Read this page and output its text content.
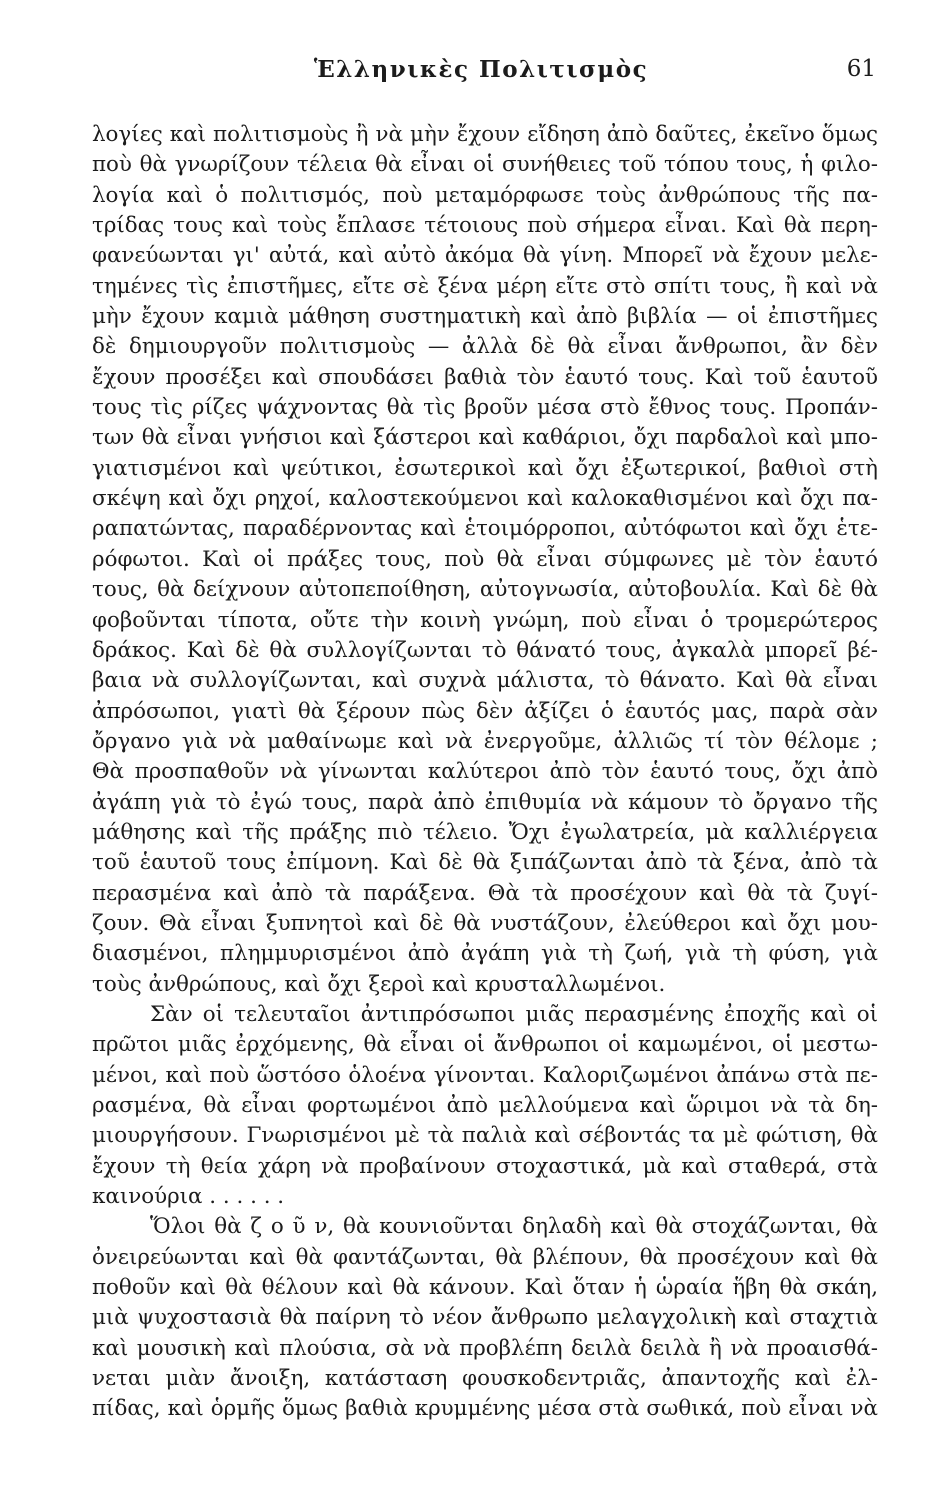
Ἑλληνικὲς Πολιτισμὸς	61
λογίες καὶ πολιτισμοὺς ἢ νὰ μὴν ἔχουν εἴδηση ἀπὸ δαῦτες, ἐκεῖνο ὅμως
ποὺ θὰ γνωρίζουν τέλεια θὰ εἶναι οἱ συνήθειες τοῦ τόπου τους, ἡ φιλο-
λογία καὶ ὁ πολιτισμός, ποὺ μεταμόρφωσε τοὺς ἀνθρώπους τῆς πα-
τρίδας τους καὶ τοὺς ἔπλασε τέτοιους ποὺ σήμερα εἶναι. Καὶ θὰ περη-
φανεύωνται γι' αὐτά, καὶ αὐτὸ ἀκόμα θὰ γίνη. Μπορεῖ νὰ ἔχουν μελε-
τημένες τὶς ἐπιστῆμες, εἴτε σὲ ξένα μέρη εἴτε στὸ σπίτι τους, ἢ καὶ νὰ
μὴν ἔχουν καμιὰ μάθηση συστηματικὴ καὶ ἀπὸ βιβλία — οἱ ἐπιστῆμες
δὲ δημιουργοῦν πολιτισμοὺς — ἀλλὰ δὲ θὰ εἶναι ἄνθρωποι, ἂν δὲν
ἔχουν προσέξει καὶ σπουδάσει βαθιὰ τὸν ἑαυτό τους. Καὶ τοῦ ἑαυτοῦ
τους τὶς ρίζες ψάχνοντας θὰ τὶς βροῦν μέσα στὸ ἔθνος τους. Προπάν-
των θὰ εἶναι γνήσιοι καὶ ξάστεροι καὶ καθάριοι, ὄχι παρδαλοὶ καὶ μπο-
γιατισμένοι καὶ ψεύτικοι, ἐσωτερικοὶ καὶ ὄχι ἐξωτερικοί, βαθιοὶ στὴ
σκέψη καὶ ὄχι ρηχοί, καλοστεκούμενοι καὶ καλοκαθισμένοι καὶ ὄχι πα-
ραπατώντας, παραδέρνοντας καὶ ἑτοιμόρροποι, αὐτόφωτοι καὶ ὄχι ἑτε-
ρόφωτοι. Καὶ οἱ πράξες τους, ποὺ θὰ εἶναι σύμφωνες μὲ τὸν ἑαυτό
τους, θὰ δείχνουν αὐτοπεποίθηση, αὐτογνωσία, αὐτοβουλία. Καὶ δὲ θὰ
φοβοῦνται τίποτα, οὔτε τὴν κοινὴ γνώμη, ποὺ εἶναι ὁ τρομερώτερος
δράκος. Καὶ δὲ θὰ συλλογίζωνται τὸ θάνατό τους, ἀγκαλὰ μπορεῖ βέ-
βαια νὰ συλλογίζωνται, καὶ συχνὰ μάλιστα, τὸ θάνατο. Καὶ θὰ εἶναι
ἀπρόσωποι, γιατὶ θὰ ξέρουν πὼς δὲν ἀξίζει ὁ ἑαυτός μας, παρὰ σὰν
ὄργανο γιὰ νὰ μαθαίνωμε καὶ νὰ ἐνεργοῦμε, ἀλλιῶς τί τὸν θέλομε ;
Θὰ προσπαθοῦν νὰ γίνωνται καλύτεροι ἀπὸ τὸν ἑαυτό τους, ὄχι ἀπὸ
ἀγάπη γιὰ τὸ ἐγώ τους, παρὰ ἀπὸ ἐπιθυμία νὰ κάμουν τὸ ὄργανο τῆς
μάθησης καὶ τῆς πράξης πιὸ τέλειο. Ὄχι ἐγωλατρεία, μὰ καλλιέργεια
τοῦ ἑαυτοῦ τους ἐπίμονη. Καὶ δὲ θὰ ξιπάζωνται ἀπὸ τὰ ξένα, ἀπὸ τὰ
περασμένα καὶ ἀπὸ τὰ παράξενα. Θὰ τὰ προσέχουν καὶ θὰ τὰ ζυγί-
ζουν. Θὰ εἶναι ξυπνητοὶ καὶ δὲ θὰ νυστάζουν, ἐλεύθεροι καὶ ὄχι μου-
διασμένοι, πλημμυρισμένοι ἀπὸ ἀγάπη γιὰ τὴ ζωή, γιὰ τὴ φύση, γιὰ
τοὺς ἀνθρώπους, καὶ ὄχι ξεροὶ καὶ κρυσταλλωμένοι.
Σὰν οἱ τελευταῖοι ἀντιπρόσωποι μιᾶς περασμένης ἐποχῆς καὶ οἱ
πρῶτοι μιᾶς ἐρχόμενης, θὰ εἶναι οἱ ἄνθρωποι οἱ καμωμένοι, οἱ μεστω-
μένοι, καὶ ποὺ ὥστόσο ὁλοένα γίνονται. Καλοριζωμένοι ἀπάνω στὰ πε-
ρασμένα, θὰ εἶναι φορτωμένοι ἀπὸ μελλούμενα καὶ ὥριμοι νὰ τὰ δη-
μιουργήσουν. Γνωρισμένοι μὲ τὰ παλιὰ καὶ σέβοντάς τα μὲ φώτιση, θὰ
ἔχουν τὴ θεία χάρη νὰ προβαίνουν στοχαστικά, μὰ καὶ σταθερά, στὰ
καινούρια . . . . . .
Ὅλοι θὰ ζ ο ῦ ν, θὰ κουνιοῦνται δηλαδὴ καὶ θὰ στοχάζωνται, θὰ
ὀνειρεύωνται καὶ θὰ φαντάζωνται, θὰ βλέπουν, θὰ προσέχουν καὶ θὰ
ποθοῦν καὶ θὰ θέλουν καὶ θὰ κάνουν. Καὶ ὅταν ἡ ὡραία ἥβη θὰ σκάη,
μιὰ ψυχοστασιὰ θὰ παίρνη τὸ νέον ἄνθρωπο μελαγχολικὴ καὶ σταχτιὰ
καὶ μουσικὴ καὶ πλούσια, σὰ νὰ προβλέπη δειλὰ δειλὰ ἢ νὰ προαισθά-
νεται μιὰν ἄνοιξη, κατάσταση φουσκοδεντριᾶς, ἀπαντοχῆς καὶ ἐλ-
πίδας, καὶ ὁρμῆς ὅμως βαθιὰ κρυμμένης μέσα στὰ σωθικά, ποὺ εἶναι νὰ
